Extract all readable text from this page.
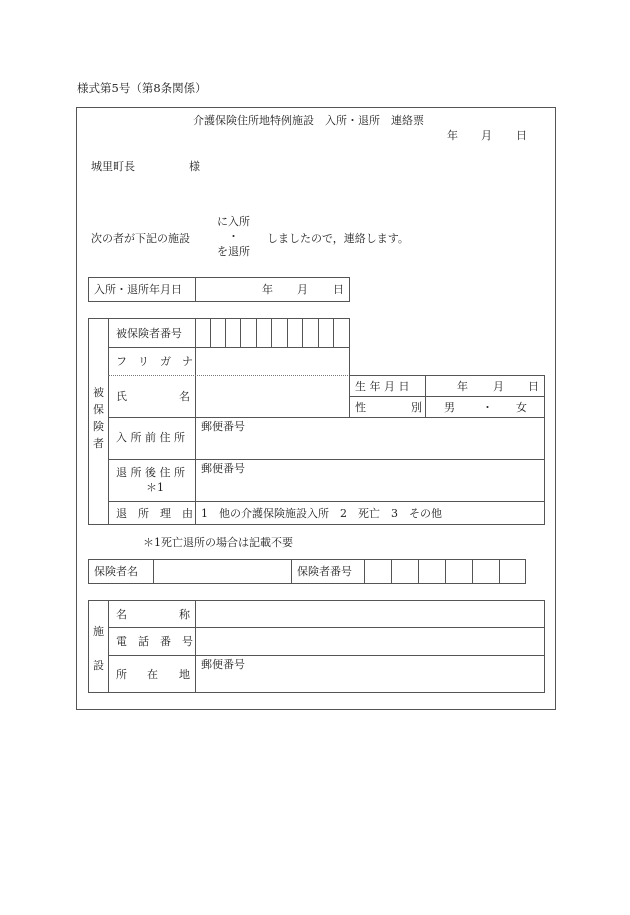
様式第5号（第8条関係）
介護保険住所地特例施設　入所・退所　連絡票
年 月 日
城里町長	様
次の者が下記の施設
に入所
・
を退所
しましたので，連絡します。
入所・退所年月日	年 月 日
被
保
険
者
被保険者番号
フ　リ　ガ　ナ
氏	名
生 年 月 日	年 月 日
性	別 男 ・ 女
入 所 前 住 所
郵便番号
退 所 後 住 所
＊1
郵便番号
退　所　理　由 1　他の介護保険施設入所　2　死亡　3　その他
＊1死亡退所の場合は記載不要
保険者名	保険者番号
施
設
名	称
電　話　番　号
所 在 地
郵便番号
